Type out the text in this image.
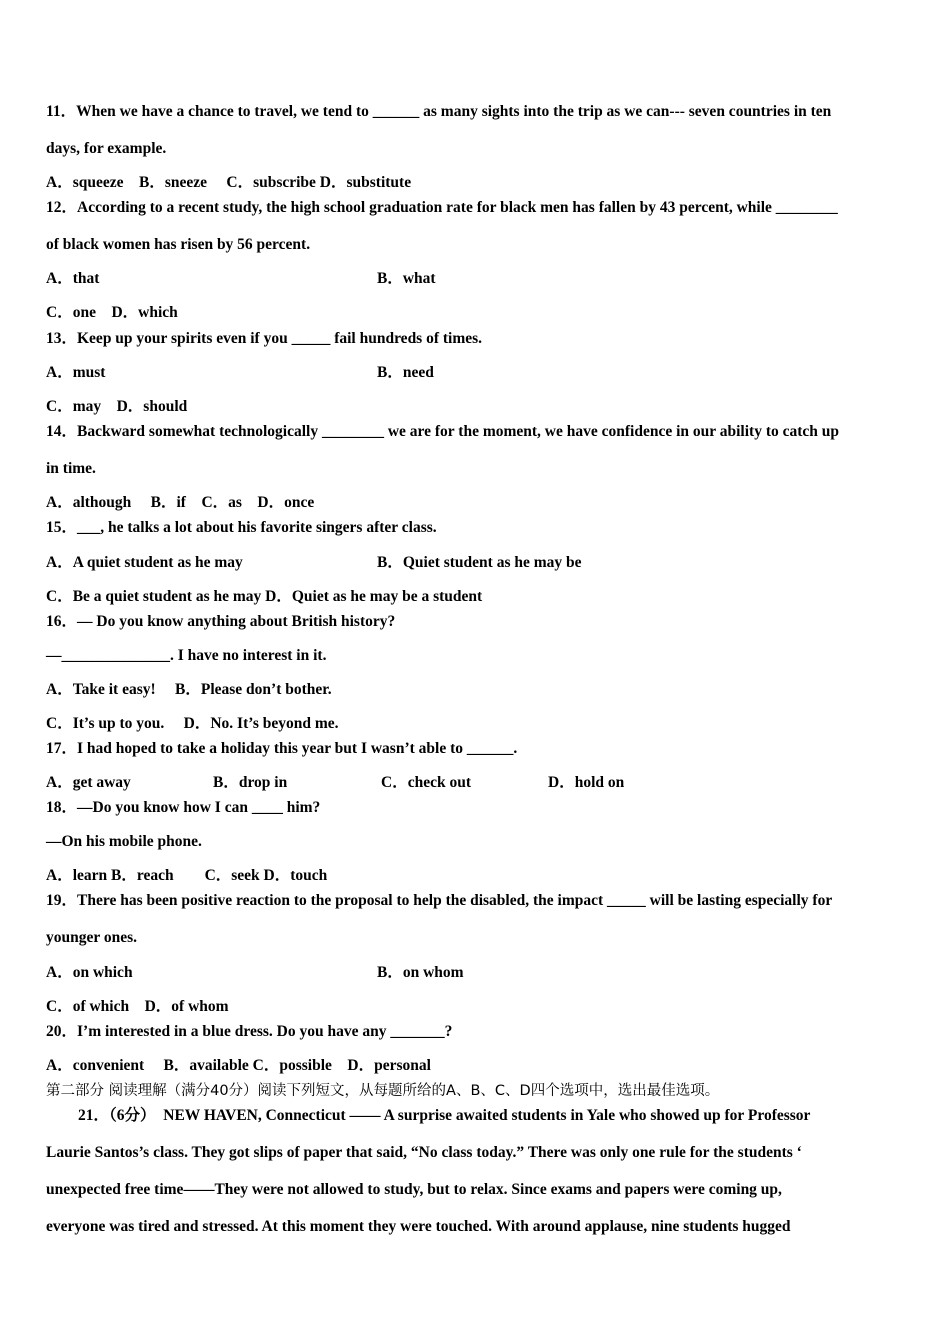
11．When we have a chance to travel, we tend to ______ as many sights into the trip as we can--- seven countries in ten
days, for example.
A．squeeze　B．sneeze　 C．subscribe D．substitute
12．According to a recent study, the high school graduation rate for black men has fallen by 43 percent, while ________
of black women has risen by 56 percent.
A．that	B．what
C．one　D．which
13．Keep up your spirits even if you _____ fail hundreds of times.
A．must	B．need
C．may　D．should
14．Backward somewhat technologically ________ we are for the moment, we have confidence in our ability to catch up
in time.
A．although　 B．if　C．as　D．once
15．___, he talks a lot about his favorite singers after class.
A．A quiet student as he may	B．Quiet student as he may be
C．Be a quiet student as he may D．Quiet as he may be a student
16．— Do you know anything about British history?
—______________. I have no interest in it.
A．Take it easy!　 B．Please don’t bother.
C．It’s up to you.　 D．No. It’s beyond me.
17．I had hoped to take a holiday this year but I wasn’t able to ______.
A．get away	B．drop in	C．check out	D．hold on
18．—Do you know how I can ____ him?
—On his mobile phone.
A．learn B．reach　　C．seek D．touch
19．There has been positive reaction to the proposal to help the disabled, the impact _____ will be lasting especially for
younger ones.
A．on which	B．on whom
C．of which　D．of whom
20．I’m interested in a blue dress. Do you have any _______?
A．convenient　 B．available C．possible　D．personal
第二部分 阅读理解（满分40分）阅读下列短文，从每题所给的A、B、C、D四个选项中，选出最佳选项。
21．（6分）　NEW HAVEN, Connecticut —— A surprise awaited students in Yale who showed up for Professor
Laurie Santos’s class. They got slips of paper that said, “No class today.” There was only one rule for the students ‘
unexpected free time——They were not allowed to study, but to relax. Since exams and papers were coming up,
everyone was tired and stressed. At this moment they were touched. With around applause, nine students hugged
